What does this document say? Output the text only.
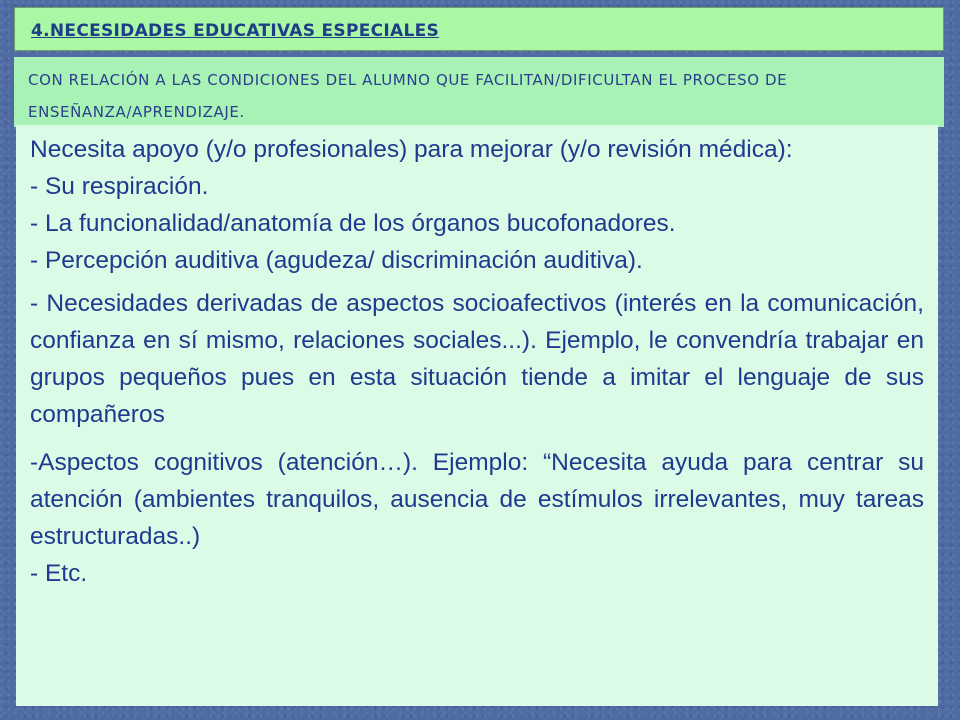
4.NECESIDADES EDUCATIVAS ESPECIALES
CON RELACIÓN A LAS CONDICIONES DEL ALUMNO QUE FACILITAN/DIFICULTAN EL PROCESO DE ENSEÑANZA/APRENDIZAJE.

Necesita apoyo (y/o profesionales) para mejorar (y/o revisión médica):

- Su respiración.

- La funcionalidad/anatomía de los órganos bucofonadores.

- Percepción auditiva (agudeza/ discriminación auditiva).

- Necesidades derivadas de aspectos socioafectivos (interés en la comunicación, confianza en sí mismo, relaciones sociales...). Ejemplo, le convendría trabajar en grupos pequeños pues en esta situación tiende a imitar el lenguaje de sus compañeros

-Aspectos cognitivos (atención…). Ejemplo: “Necesita ayuda para centrar su atención (ambientes tranquilos, ausencia de estímulos irrelevantes, muy tareas estructuradas..)

- Etc.
